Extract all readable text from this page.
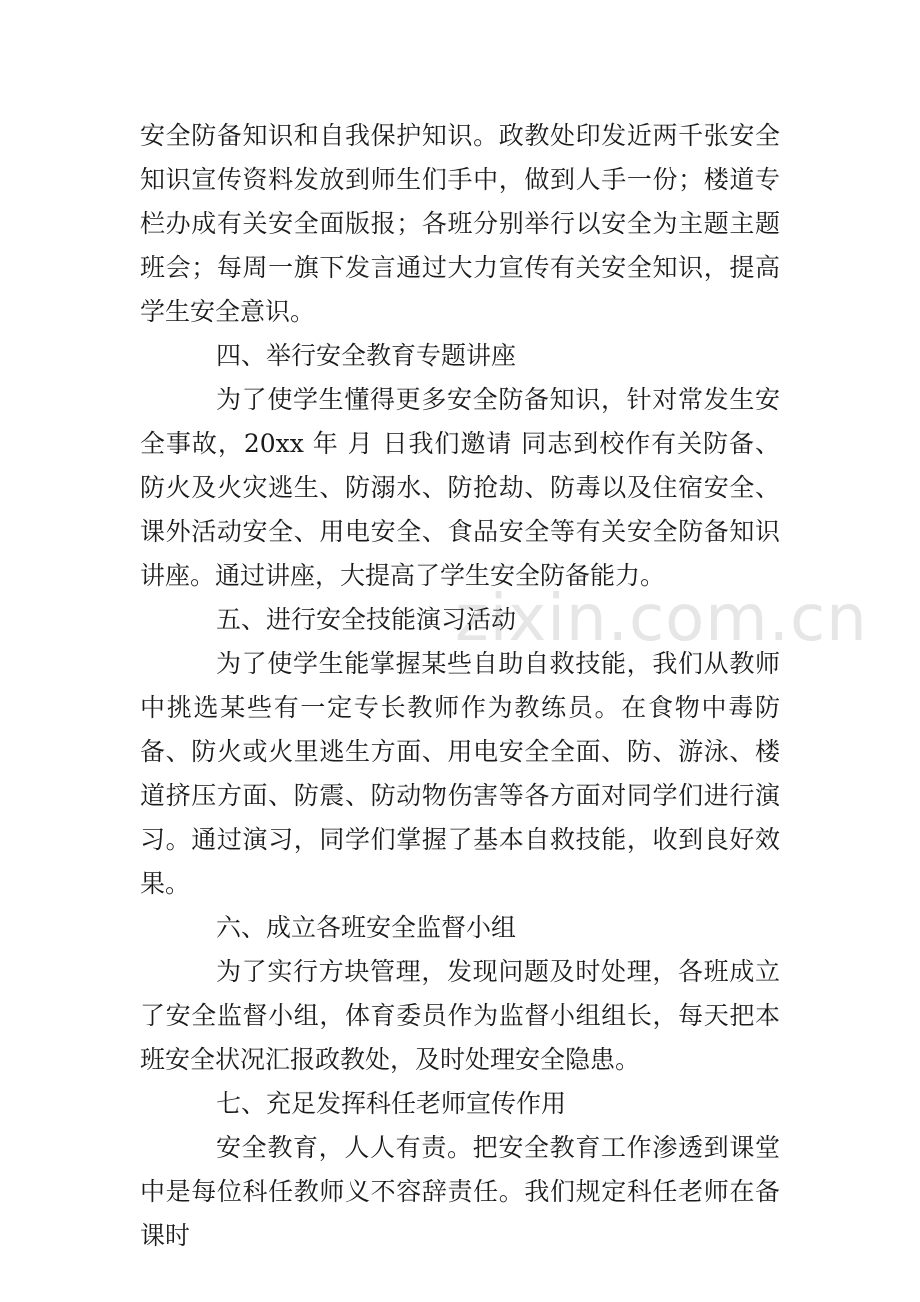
zixin.com.cn

安全防备知识和自我保护知识。政教处印发近两千张安全知识宣传资料发放到师生们手中，做到人手一份；楼道专栏办成有关安全面版报；各班分别举行以安全为主题主题班会；每周一旗下发言通过大力宣传有关安全知识，提高学生安全意识。

四、举行安全教育专题讲座

为了使学生懂得更多安全防备知识，针对常发生安全事故，20xx 年 月 日我们邀请 同志到校作有关防备、防火及火灾逃生、防溺水、防抢劫、防毒以及住宿安全、课外活动安全、用电安全、食品安全等有关安全防备知识讲座。通过讲座，大提高了学生安全防备能力。

五、进行安全技能演习活动

为了使学生能掌握某些自助自救技能，我们从教师中挑选某些有一定专长教师作为教练员。在食物中毒防备、防火或火里逃生方面、用电安全全面、防、游泳、楼道挤压方面、防震、防动物伤害等各方面对同学们进行演习。通过演习，同学们掌握了基本自救技能，收到良好效果。

六、成立各班安全监督小组

为了实行方块管理，发现问题及时处理，各班成立了安全监督小组，体育委员作为监督小组组长，每天把本班安全状况汇报政教处，及时处理安全隐患。

七、充足发挥科任老师宣传作用

安全教育，人人有责。把安全教育工作渗透到课堂中是每位科任教师义不容辞责任。我们规定科任老师在备课时
